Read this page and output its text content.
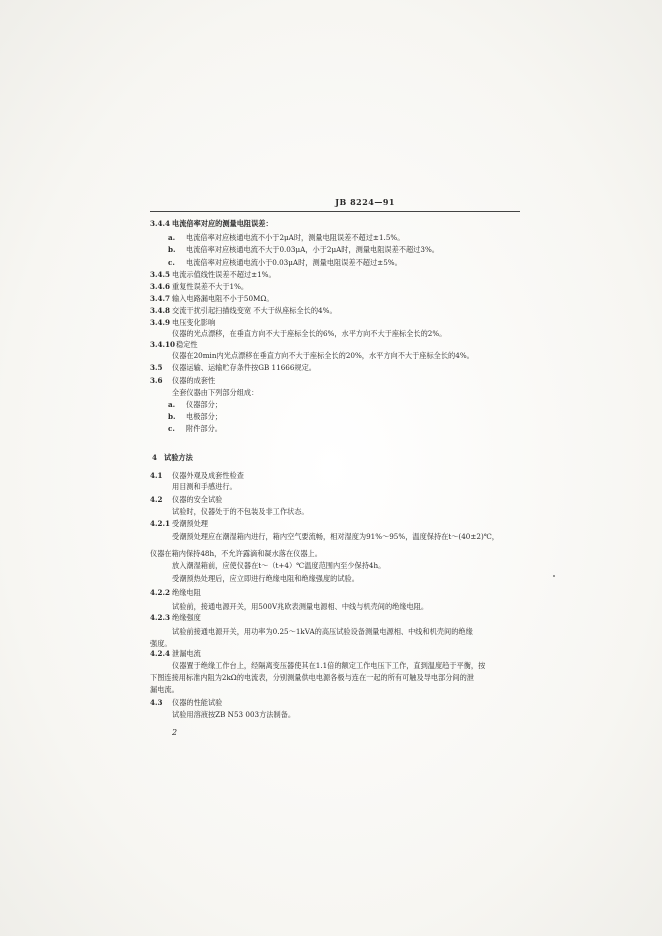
JB 8224—91
3.4.4 电流倍率对应的测量电阻误差：
a. 电流倍率对应核通电流不小于2μA时，测量电阻误差不超过±1.5%。
b. 电流倍率对应核通电流不大于0.03μA，小于2μA时，测量电阻误差不超过3%。
c. 电流倍率对应核通电流小于0.03μA时，测量电阻误差不超过±5%。
3.4.5 电流示值线性误差不超过±1%。
3.4.6 重复性误差不大于1%。
3.4.7 输入电路漏电阻不小于50MΩ。
3.4.8 交流干扰引起扫描线变宽 不大于纵座标全长的4%。
3.4.9 电压变化影响
仪器的光点漂移，在垂直方向不大于座标全长的6%，水平方向不大于座标全长的2%。
3.4.10稳定性
仪器在20min内光点漂移在垂直方向不大于座标全长的20%，水平方向不大于座标全长的4%。
3.5 仪器运输、运输贮存条件按GB 11666规定。
3.6 仪器的成套性
全套仪器由下列部分组成：
a. 仪器部分；
b. 电极部分；
c. 附件部分。
4 试验方法
4.1 仪器外观及成套性检查
用目测和手感进行。
4.2 仪器的安全试验
试验时，仪器处于的不包装及非工作状态。
4.2.1 受潮预处理
受潮预处理应在潮湿箱内进行，箱内空气要流畅，相对湿度为91%～95%，温度保持在t～(40±2)℃，
仪器在箱内保持48h，不允许露滴和凝水落在仪器上。
放入潮湿箱前，应使仪器在t～（t+4）℃温度范围内至少保持4h。
受潮预热处理后，应立即进行绝缘电阻和绝缘强度的试验。
4.2.2 绝缘电阻
试验前，接通电源开关，用500V兆欧表测量电源相、中线与机壳间的绝缘电阻。
4.2.3 绝缘强度
试验前接通电源开关，用功率为0.25～1kVA的高压试验设备测量电源相、中线和机壳间的绝缘
强度。
4.2.4 泄漏电流
仪器置于绝缘工作台上，经隔离变压器使其在1.1倍的额定工作电压下工作，直到温度趋于平衡，按
下图连接用标准内阻为2kΩ的电流表，分别测量供电电源各极与连在一起的所有可触及导电部分间的泄
漏电流。
4.3 仪器的性能试验
试验用溶液按ZB N53 003方法制备。
2
